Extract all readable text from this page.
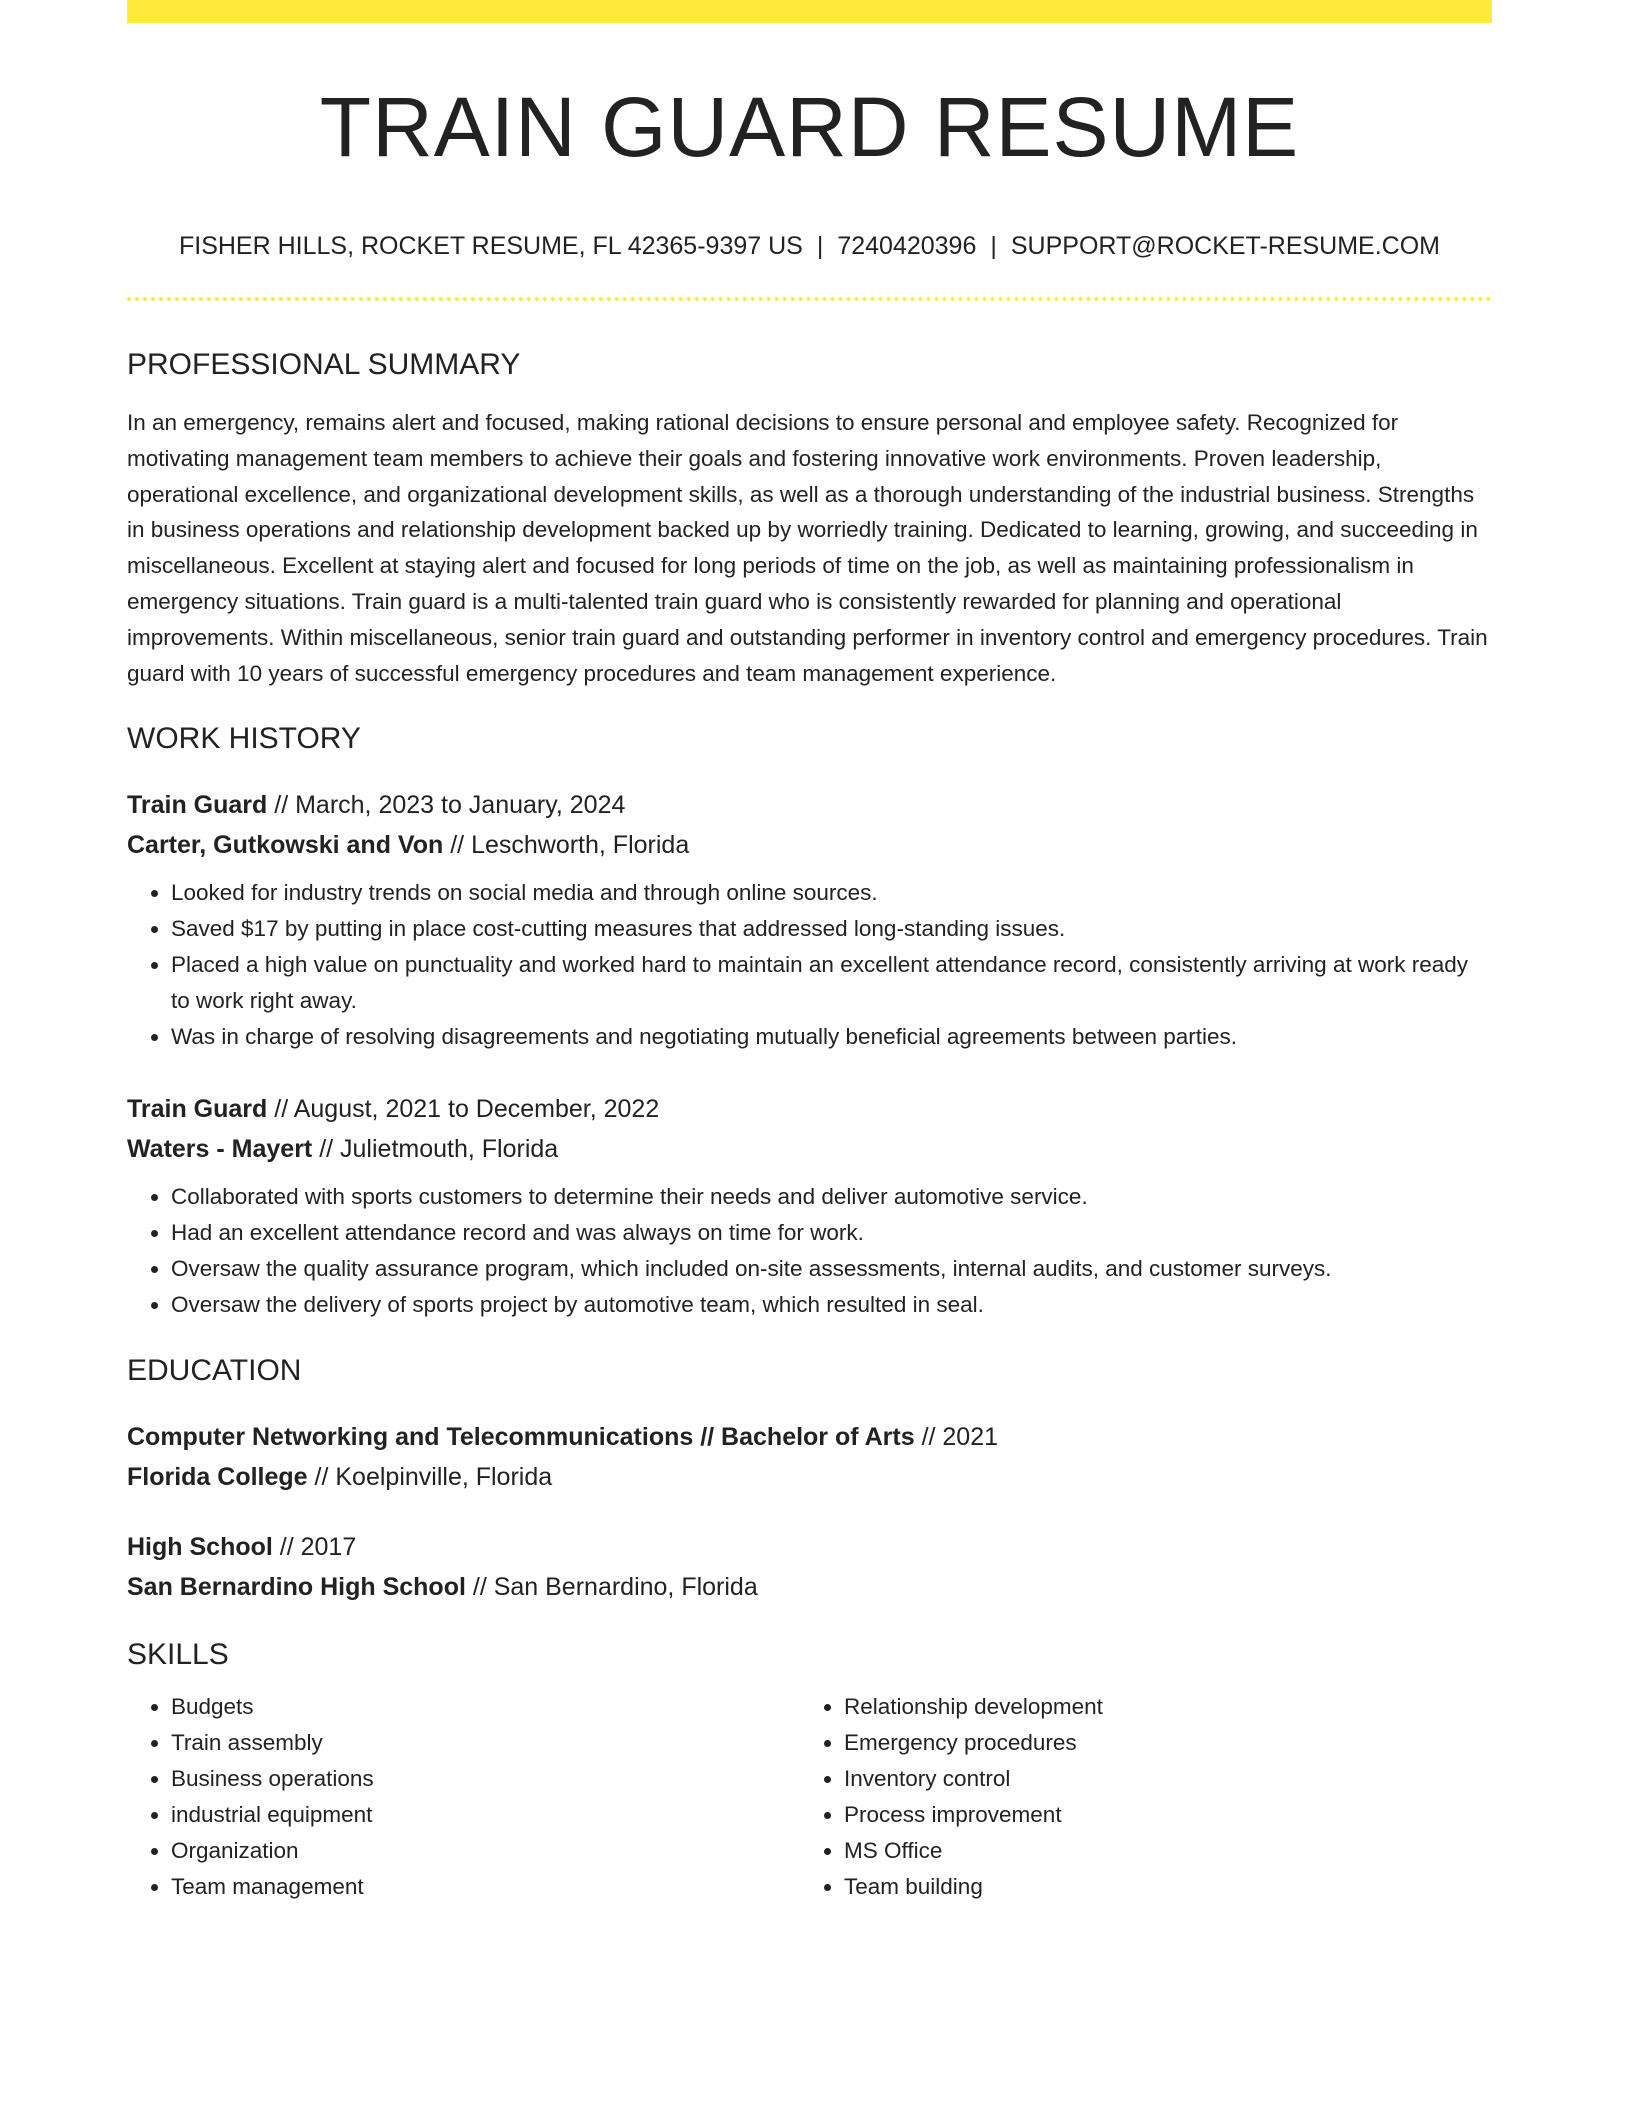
TRAIN GUARD RESUME
FISHER HILLS, ROCKET RESUME, FL 42365-9397 US | 7240420396 | SUPPORT@ROCKET-RESUME.COM
PROFESSIONAL SUMMARY

In an emergency, remains alert and focused, making rational decisions to ensure personal and employee safety. Recognized for motivating management team members to achieve their goals and fostering innovative work environments. Proven leadership, operational excellence, and organizational development skills, as well as a thorough understanding of the industrial business. Strengths in business operations and relationship development backed up by worriedly training. Dedicated to learning, growing, and succeeding in miscellaneous. Excellent at staying alert and focused for long periods of time on the job, as well as maintaining professionalism in emergency situations. Train guard is a multi-talented train guard who is consistently rewarded for planning and operational improvements. Within miscellaneous, senior train guard and outstanding performer in inventory control and emergency procedures. Train guard with 10 years of successful emergency procedures and team management experience.

WORK HISTORY
Train Guard // March, 2023 to January, 2024
Carter, Gutkowski and Von // Leschworth, Florida
• Looked for industry trends on social media and through online sources.
• Saved $17 by putting in place cost-cutting measures that addressed long-standing issues.
• Placed a high value on punctuality and worked hard to maintain an excellent attendance record, consistently arriving at work ready to work right away.
• Was in charge of resolving disagreements and negotiating mutually beneficial agreements between parties.
Train Guard // August, 2021 to December, 2022
Waters - Mayert // Julietmouth, Florida
• Collaborated with sports customers to determine their needs and deliver automotive service.
• Had an excellent attendance record and was always on time for work.
• Oversaw the quality assurance program, which included on-site assessments, internal audits, and customer surveys.
• Oversaw the delivery of sports project by automotive team, which resulted in seal.
EDUCATION
Computer Networking and Telecommunications // Bachelor of Arts // 2021
Florida College // Koelpinville, Florida
High School // 2017
San Bernardino High School // San Bernardino, Florida
SKILLS
• Budgets
• Train assembly
• Business operations
• industrial equipment
• Organization
• Team management
• Relationship development
• Emergency procedures
• Inventory control
• Process improvement
• MS Office
• Team building
